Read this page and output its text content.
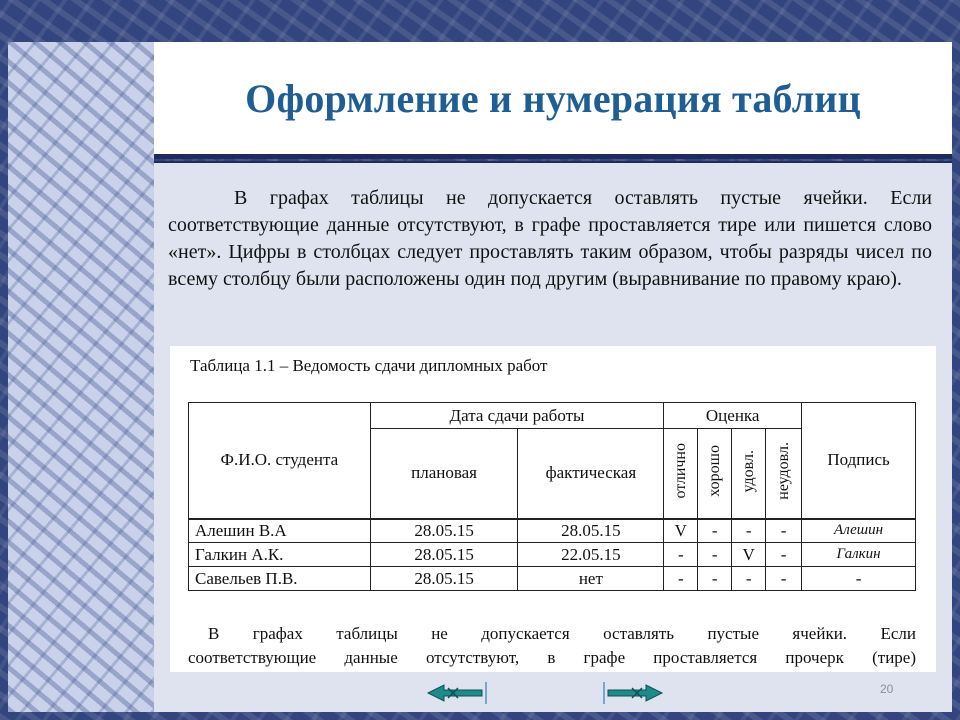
Оформление и нумерация таблиц
В графах таблицы не допускается оставлять пустые ячейки. Если соответствующие данные отсутствуют, в графе проставляется тире или пишется слово «нет». Цифры в столбцах следует проставлять таким образом, чтобы разряды чисел по всему столбцу были расположены один под другим (выравнивание по правому краю).
Таблица 1.1 – Ведомость сдачи дипломных работ
Ф.И.О. студента	Дата сдачи работы		Оценка				Подпись
	плановая	фактическая	отлично	хорошо	удовл.	неудовл.	
Алешин В.А	28.05.15	28.05.15	V	-	-	-	Алешин
Галкин А.К.	28.05.15	22.05.15	-	-	V	-	Галкин
Савельев П.В.	28.05.15	нет	-	-	-	-	-
В графах таблицы не допускается оставлять пустые ячейки. Если
соответствующие данные отсутствуют, в графе проставляется прочерк (тире)
20
